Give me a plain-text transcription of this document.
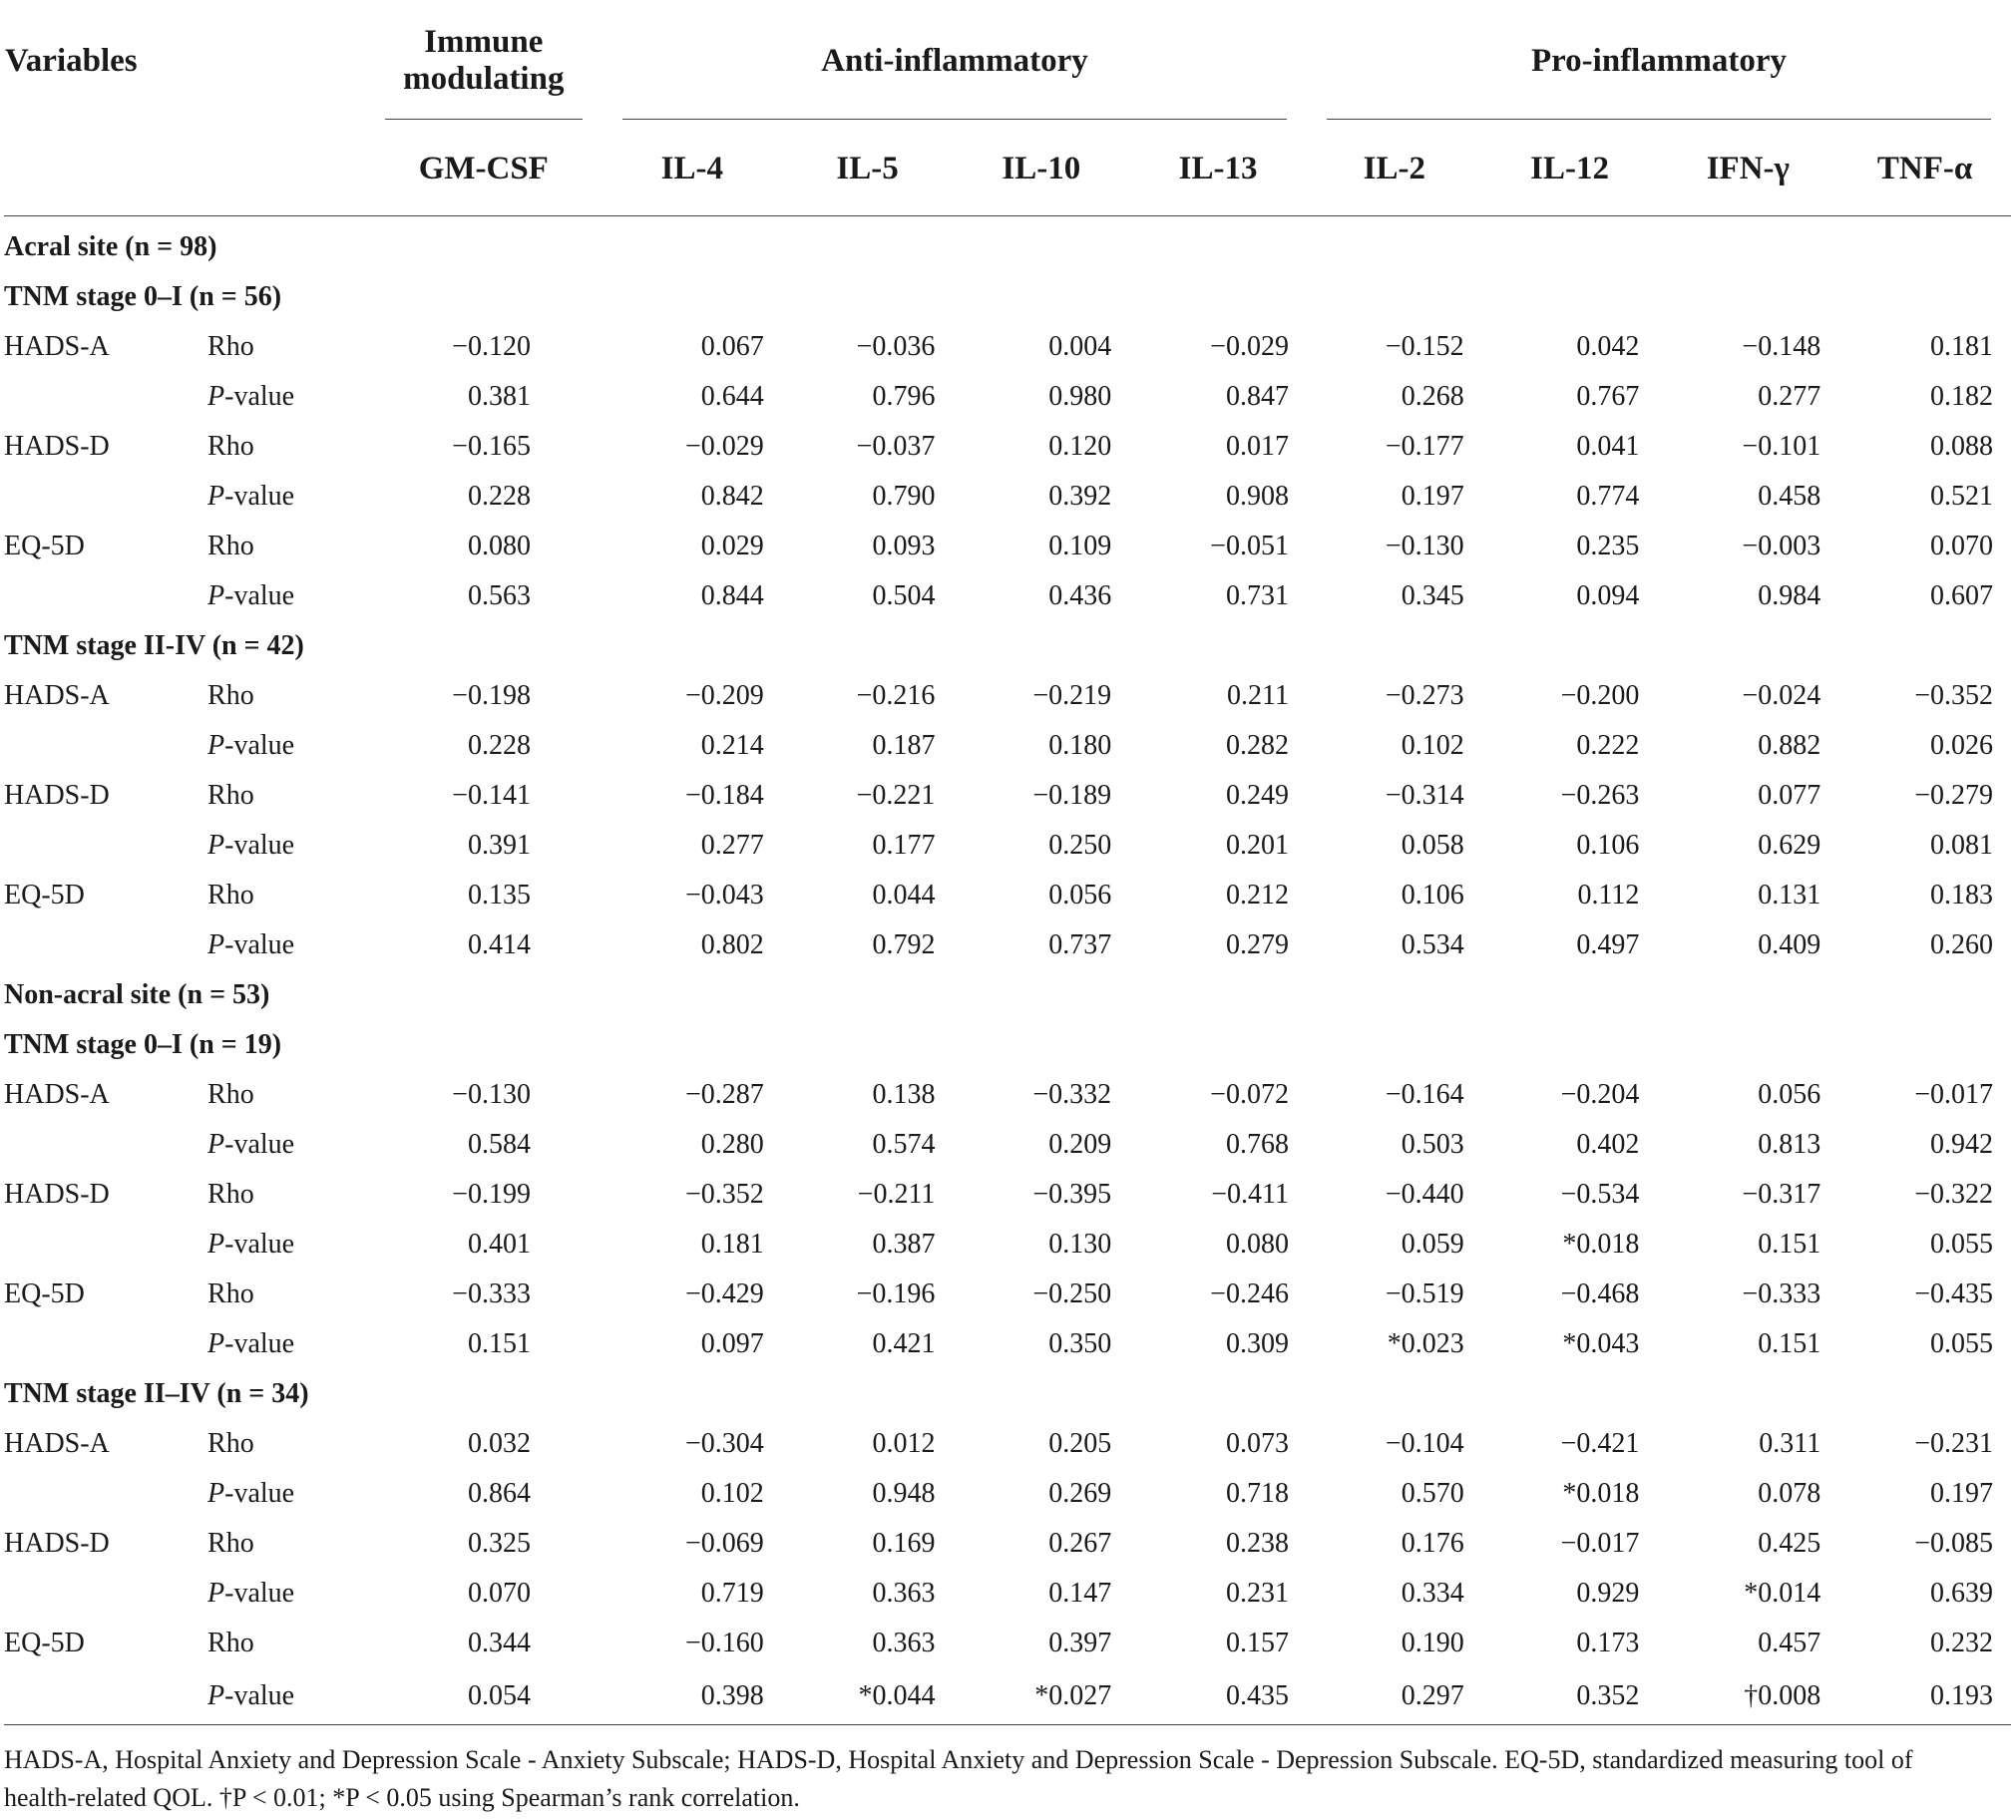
Variables		Immune
modulating	Anti-inflammatory				Pro-inflammatory			

		GM-CSF	IL-4	IL-5	IL-10	IL-13	IL-2	IL-12	IFN-γ	TNF-α
Acral site (n = 98)										
TNM stage 0–I (n = 56)										
HADS-A	Rho	−0.120	0.067	−0.036	0.004	−0.029	−0.152	0.042	−0.148	0.181
	P-value	0.381	0.644	0.796	0.980	0.847	0.268	0.767	0.277	0.182
HADS-D	Rho	−0.165	−0.029	−0.037	0.120	0.017	−0.177	0.041	−0.101	0.088
	P-value	0.228	0.842	0.790	0.392	0.908	0.197	0.774	0.458	0.521
EQ-5D	Rho	0.080	0.029	0.093	0.109	−0.051	−0.130	0.235	−0.003	0.070
	P-value	0.563	0.844	0.504	0.436	0.731	0.345	0.094	0.984	0.607
TNM stage II-IV (n = 42)										
HADS-A	Rho	−0.198	−0.209	−0.216	−0.219	0.211	−0.273	−0.200	−0.024	−0.352
	P-value	0.228	0.214	0.187	0.180	0.282	0.102	0.222	0.882	0.026
HADS-D	Rho	−0.141	−0.184	−0.221	−0.189	0.249	−0.314	−0.263	0.077	−0.279
	P-value	0.391	0.277	0.177	0.250	0.201	0.058	0.106	0.629	0.081
EQ-5D	Rho	0.135	−0.043	0.044	0.056	0.212	0.106	0.112	0.131	0.183
	P-value	0.414	0.802	0.792	0.737	0.279	0.534	0.497	0.409	0.260
Non-acral site (n = 53)										
TNM stage 0–I (n = 19)										
HADS-A	Rho	−0.130	−0.287	0.138	−0.332	−0.072	−0.164	−0.204	0.056	−0.017
	P-value	0.584	0.280	0.574	0.209	0.768	0.503	0.402	0.813	0.942
HADS-D	Rho	−0.199	−0.352	−0.211	−0.395	−0.411	−0.440	−0.534	−0.317	−0.322
	P-value	0.401	0.181	0.387	0.130	0.080	0.059	*0.018	0.151	0.055
EQ-5D	Rho	−0.333	−0.429	−0.196	−0.250	−0.246	−0.519	−0.468	−0.333	−0.435
	P-value	0.151	0.097	0.421	0.350	0.309	*0.023	*0.043	0.151	0.055
TNM stage II–IV (n = 34)										
HADS-A	Rho	0.032	−0.304	0.012	0.205	0.073	−0.104	−0.421	0.311	−0.231
	P-value	0.864	0.102	0.948	0.269	0.718	0.570	*0.018	0.078	0.197
HADS-D	Rho	0.325	−0.069	0.169	0.267	0.238	0.176	−0.017	0.425	−0.085
	P-value	0.070	0.719	0.363	0.147	0.231	0.334	0.929	*0.014	0.639
EQ-5D	Rho	0.344	−0.160	0.363	0.397	0.157	0.190	0.173	0.457	0.232
	P-value	0.054	0.398	*0.044	*0.027	0.435	0.297	0.352	†0.008	0.193
HADS-A, Hospital Anxiety and Depression Scale - Anxiety Subscale; HADS-D, Hospital Anxiety and Depression Scale - Depression Subscale. EQ-5D, standardized measuring tool of
health-related QOL. †P < 0.01; *P < 0.05 using Spearman’s rank correlation.
